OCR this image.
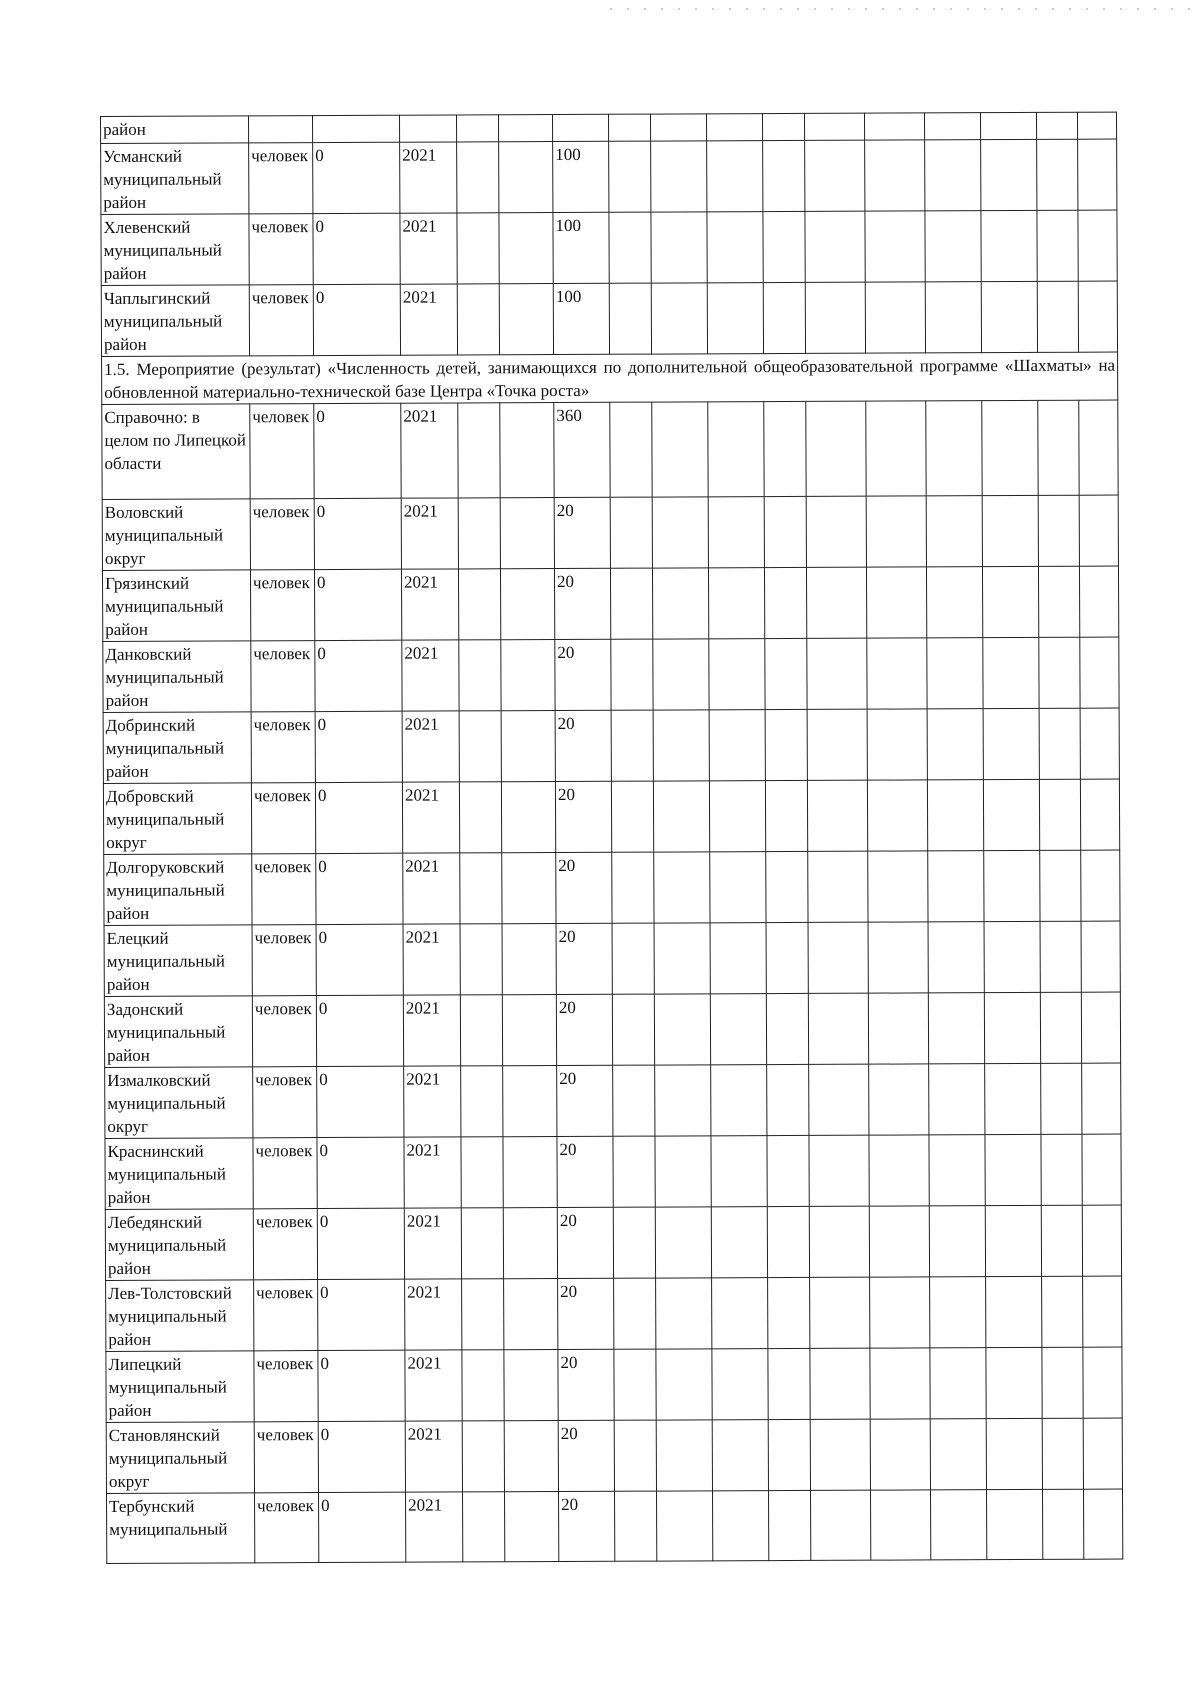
район																
Усманский муниципальный район	человек	0	2021			100										
Хлевенский муниципальный район	человек	0	2021			100										
Чаплыгинский муниципальный район	человек	0	2021			100										
1.5. Мероприятие (результат) «Численность детей, занимающихся по дополнительной общеобразовательной программе «Шахматы» на обновленной материально-технической базе Центра «Точка роста»																
Справочно: в целом по Липецкой области	человек	0	2021			360										
Воловский муниципальный округ	человек	0	2021			20										
Грязинский муниципальный район	человек	0	2021			20										
Данковский муниципальный район	человек	0	2021			20										
Добринский муниципальный район	человек	0	2021			20										
Добровский муниципальный округ	человек	0	2021			20										
Долгоруковский муниципальный район	человек	0	2021			20										
Елецкий муниципальный район	человек	0	2021			20										
Задонский муниципальный район	человек	0	2021			20										
Измалковский муниципальный округ	человек	0	2021			20										
Краснинский муниципальный район	человек	0	2021			20										
Лебедянский муниципальный район	человек	0	2021			20										
Лев-Толстовский муниципальный район	человек	0	2021			20										
Липецкий муниципальный район	человек	0	2021			20										
Становлянский муниципальный округ	человек	0	2021			20										
Тербунский муниципальный	человек	0	2021			20										
